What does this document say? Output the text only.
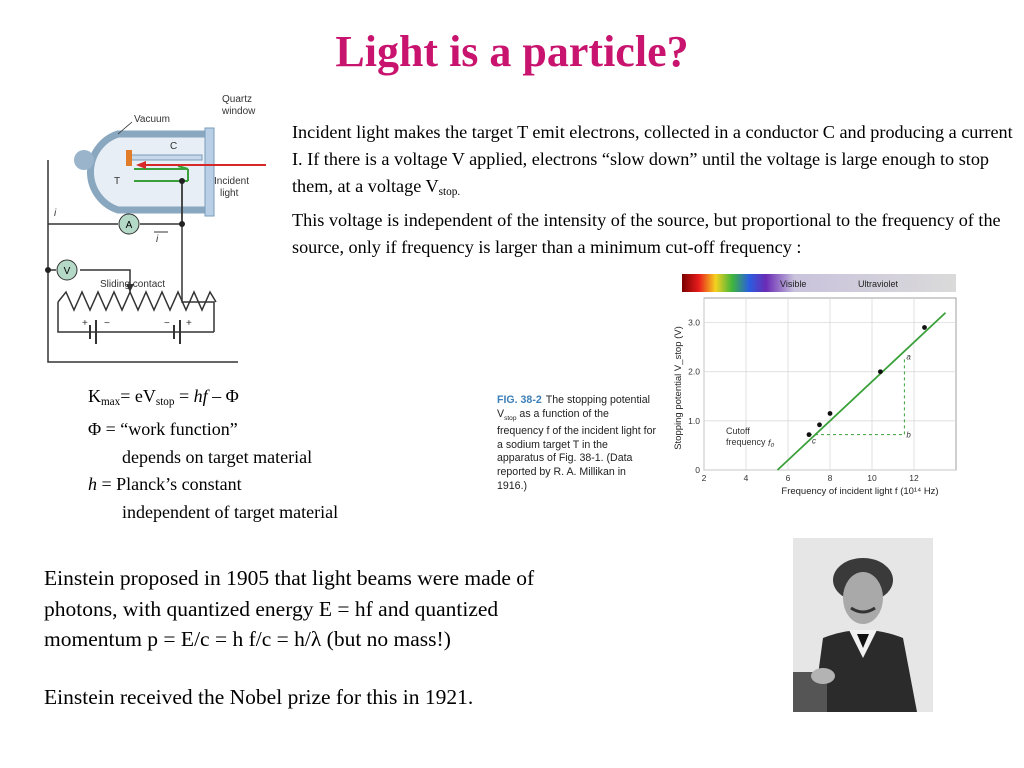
Light is a particle?
A
V
Quartz
window
Vacuum
C
T	Incident
light
i
i
Sliding contact
−
+	− +

Incident light makes the target T emit electrons, collected in a conductor C and producing a current I. If there is a voltage V applied, electrons “slow down” until the voltage is large enough to stop them, at a voltage $V_{stop.}$

This voltage is independent of the intensity of the source, but proportional to the frequency of the source, only if frequency is larger than a minimum cut-off frequency :

$K_{max}= eV_{stop}$ = hf – Φ
Φ = “work function”
depends on target material
h = Planck’s constant
independent of target material
FIG. 38-2 The stopping potential $V_{stop}$ as a function of the frequency f of the incident light for a sodium target T in the apparatus of Fig. 38-1. (Data reported by R. A. Millikan in 1916.)
Visible	Ultraviolet
0
1.0
2.0
3.0
2	4	6	8	10	12
a
b
c
Frequency of incident light f (10¹⁴ Hz)
Stopping potential V_stop (V)	Cutoff
frequency f₀

Einstein proposed in 1905 that light beams were made of

photons, with quantized energy E = hf and quantized

momentum p = E/c = h f/c = h/λ (but no mass!)

Einstein received the Nobel prize for this in 1921.
